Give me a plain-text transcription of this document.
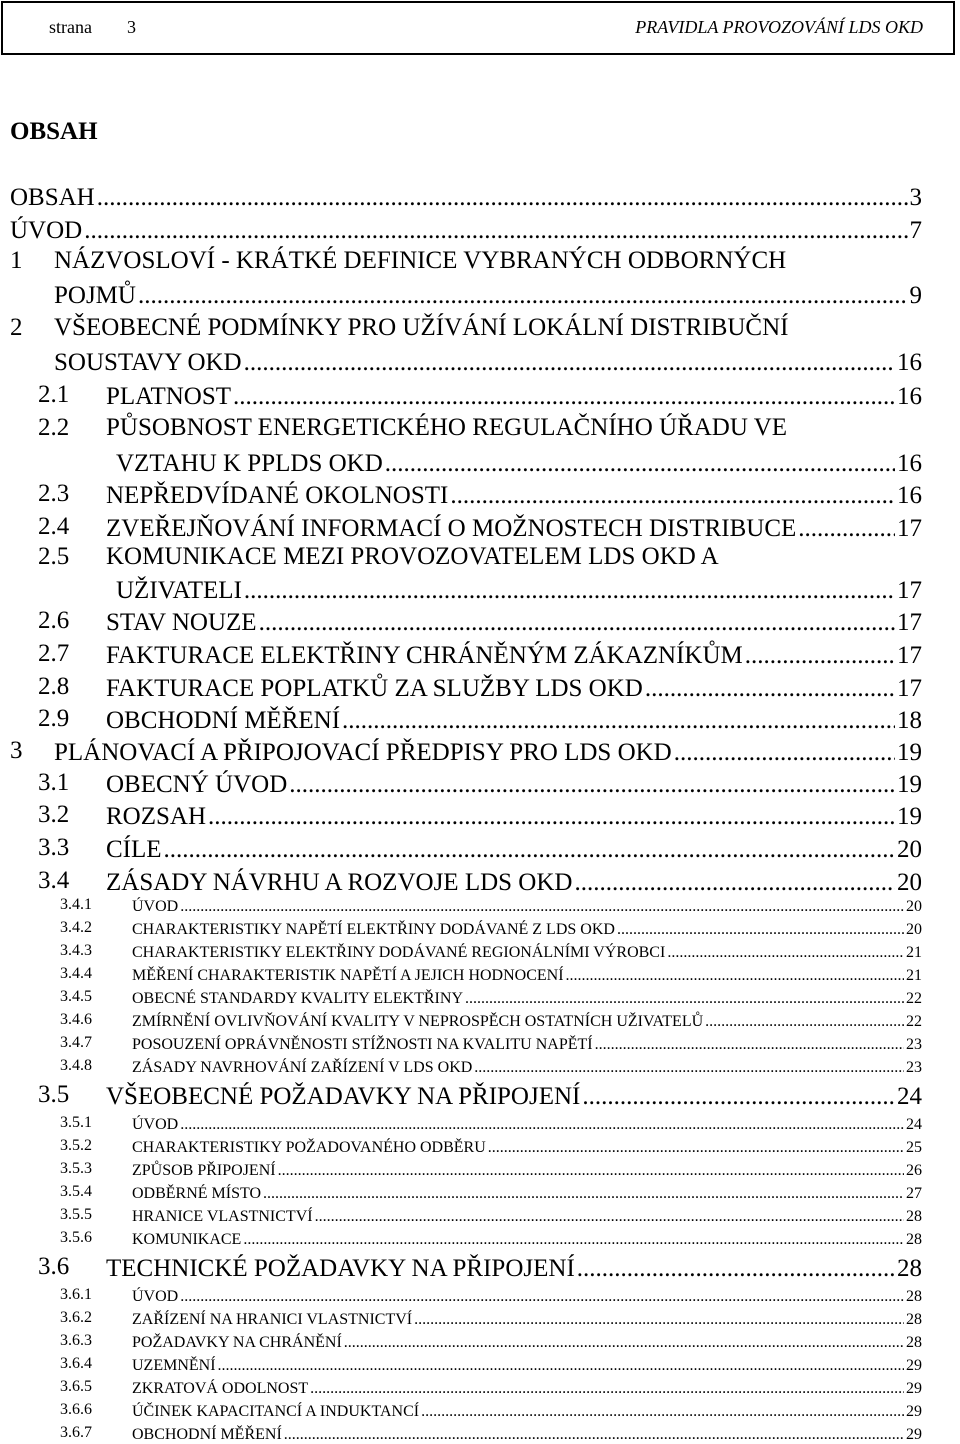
strana 3	PRAVIDLA PROVOZOVÁNÍ LDS OKD
OBSAH
OBSAH .....	3
ÚVOD .....	7
NÁZVOSLOVÍ - KRÁTKÉ DEFINICE VYBRANÝCH ODBORNÝCH
1
POJMŮ .....	9
VŠEOBECNÉ PODMÍNKY PRO UŽÍVÁNÍ LOKÁLNÍ DISTRIBUČNÍ
2
SOUSTAVY OKD .....	16
2.1 PLATNOST .....	16
PŮSOBNOST ENERGETICKÉHO REGULAČNÍHO ÚŘADU VE
2.2
VZTAHU K PPLDS OKD .....	16
2.3 NEPŘEDVÍDANÉ OKOLNOSTI .....	16
2.4 ZVEŘEJŇOVÁNÍ INFORMACÍ O MOŽNOSTECH DISTRIBUCE .....	17
KOMUNIKACE MEZI PROVOZOVATELEM LDS OKD A
2.5
UŽIVATELI .....	17
2.6 STAV NOUZE .....	17
2.7 FAKTURACE ELEKTŘINY CHRÁNĚNÝM ZÁKAZNÍKŮM .....	17
2.8 FAKTURACE POPLATKŮ ZA SLUŽBY LDS OKD .....	17
2.9 OBCHODNÍ MĚŘENÍ .....	18
3 PLÁNOVACÍ A PŘIPOJOVACÍ PŘEDPISY PRO LDS OKD .....	19
3.1 OBECNÝ ÚVOD .....	19
3.2 ROZSAH .....	19
3.3 CÍLE .....	20
3.4 ZÁSADY NÁVRHU A ROZVOJE LDS OKD .....	20
3.4.1	ÚVOD .....	20
3.4.2	CHARAKTERISTIKY NAPĚTÍ ELEKTŘINY DODÁVANÉ Z LDS OKD .....	20
3.4.3	CHARAKTERISTIKY ELEKTŘINY DODÁVANÉ REGIONÁLNÍMI VÝROBCI .....	21
3.4.4	MĚŘENÍ CHARAKTERISTIK NAPĚTÍ A JEJICH HODNOCENÍ .....	21
3.4.5	OBECNÉ STANDARDY KVALITY ELEKTŘINY .....	22
3.4.6	ZMÍRNĚNÍ OVLIVŇOVÁNÍ KVALITY V NEPROSPĚCH OSTATNÍCH UŽIVATELŮ .....	22
3.4.7	POSOUZENÍ OPRÁVNĚNOSTI STÍŽNOSTI NA KVALITU NAPĚTÍ .....	23
3.4.8	ZÁSADY NAVRHOVÁNÍ ZAŘÍZENÍ V LDS OKD .....	23
3.5 VŠEOBECNÉ POŽADAVKY NA PŘIPOJENÍ .....	24
3.5.1	ÚVOD .....	24
3.5.2	CHARAKTERISTIKY POŽADOVANÉHO ODBĚRU .....	25
3.5.3	ZPŮSOB PŘIPOJENÍ .....	26
3.5.4	ODBĚRNÉ MÍSTO .....	27
3.5.5	HRANICE VLASTNICTVÍ .....	28
3.5.6	KOMUNIKACE .....	28
3.6 TECHNICKÉ POŽADAVKY NA PŘIPOJENÍ .....	28
3.6.1	ÚVOD .....	28
3.6.2	ZAŘÍZENÍ NA HRANICI VLASTNICTVÍ .....	28
3.6.3	POŽADAVKY NA CHRÁNĚNÍ .....	28
3.6.4	UZEMNĚNÍ .....	29
3.6.5	ZKRATOVÁ ODOLNOST .....	29
3.6.6	ÚČINEK KAPACITANCÍ A INDUKTANCÍ .....	29
3.6.7	OBCHODNÍ MĚŘENÍ .....	29
